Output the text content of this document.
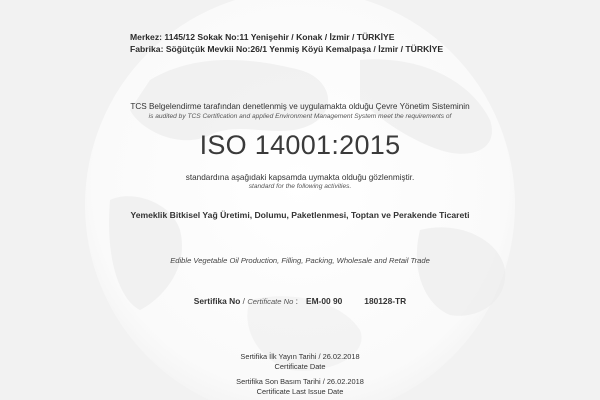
Merkez: 1145/12 Sokak No:11 Yenişehir / Konak / İzmir / TÜRKİYE
Fabrika: Söğütçük Mevkii No:26/1 Yenmiş Köyü Kemalpaşa / İzmir / TÜRKİYE
TCS Belgelendirme tarafından denetlenmiş ve uygulamakta olduğu Çevre Yönetim Sisteminin
is audited by TCS Certification and applied Environment Management System meet the requirements of
ISO 14001:2015
standardına aşağıdaki kapsamda uymakta olduğu gözlenmiştir.
standard for the following activities.
Yemeklik Bitkisel Yağ Üretimi, Dolumu, Paketlenmesi, Toptan ve Perakende Ticareti
Edible Vegetable Oil Production, Filling, Packing, Wholesale and Retail Trade
Sertifika No / Certificate No : EM-00 90	180128-TR
Sertifika İlk Yayın Tarihi / 26.02.2018
Certificate Date
Sertifika Son Basım Tarihi / 26.02.2018
Certificate Last Issue Date
